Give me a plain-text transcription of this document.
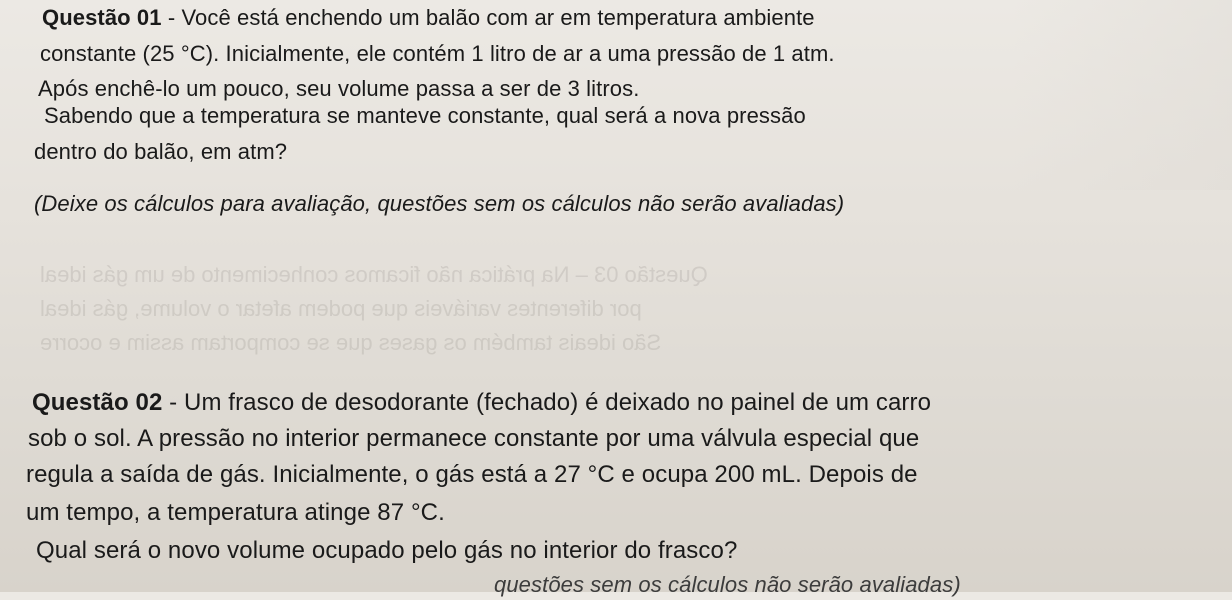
Questão 03 – Na prática não ficamos conhecimento de um gás ideal
por diferentes variáveis que podem afetar o volume, gás ideal
São ideais também os gases que se comportam assim e ocorre
Questão 01 - Você está enchendo um balão com ar em temperatura ambiente
constante (25 °C). Inicialmente, ele contém 1 litro de ar a uma pressão de 1 atm.
Após enchê-lo um pouco, seu volume passa a ser de 3 litros.
Sabendo que a temperatura se manteve constante, qual será a nova pressão
dentro do balão, em atm?
(Deixe os cálculos para avaliação, questões sem os cálculos não serão avaliadas)
Questão 02 - Um frasco de desodorante (fechado) é deixado no painel de um carro
sob o sol. A pressão no interior permanece constante por uma válvula especial que
regula a saída de gás. Inicialmente, o gás está a 27 °C e ocupa 200 mL. Depois de
um tempo, a temperatura atinge 87 °C.
Qual será o novo volume ocupado pelo gás no interior do frasco?
questões sem os cálculos não serão avaliadas)
